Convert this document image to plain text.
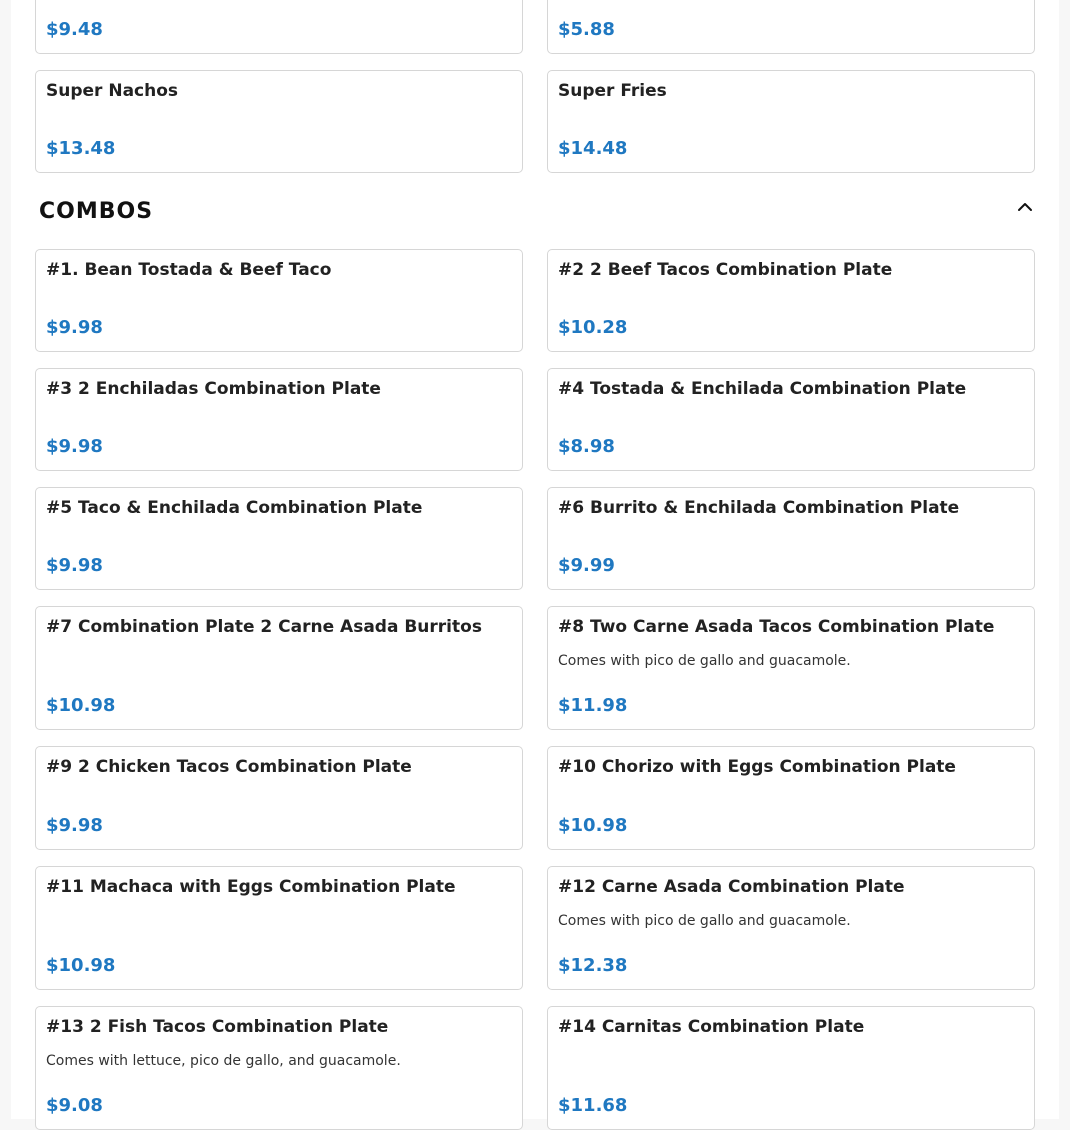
$9.48	$5.88
Super Nachos
$13.48
Super Fries
$14.48
COMBOS
#1. Bean Tostada & Beef Taco
$9.98
#2 2 Beef Tacos Combination Plate
$10.28
#3 2 Enchiladas Combination Plate
$9.98
#4 Tostada & Enchilada Combination Plate
$8.98
#5 Taco & Enchilada Combination Plate
$9.98
#6 Burrito & Enchilada Combination Plate
$9.99
#7 Combination Plate 2 Carne Asada Burritos
$10.98
#8 Two Carne Asada Tacos Combination Plate
Comes with pico de gallo and guacamole.
$11.98
#9 2 Chicken Tacos Combination Plate
$9.98
#10 Chorizo with Eggs Combination Plate
$10.98
#11 Machaca with Eggs Combination Plate
$10.98
#12 Carne Asada Combination Plate
Comes with pico de gallo and guacamole.
$12.38
#13 2 Fish Tacos Combination Plate
Comes with lettuce, pico de gallo, and guacamole.
$9.08
#14 Carnitas Combination Plate
$11.68
